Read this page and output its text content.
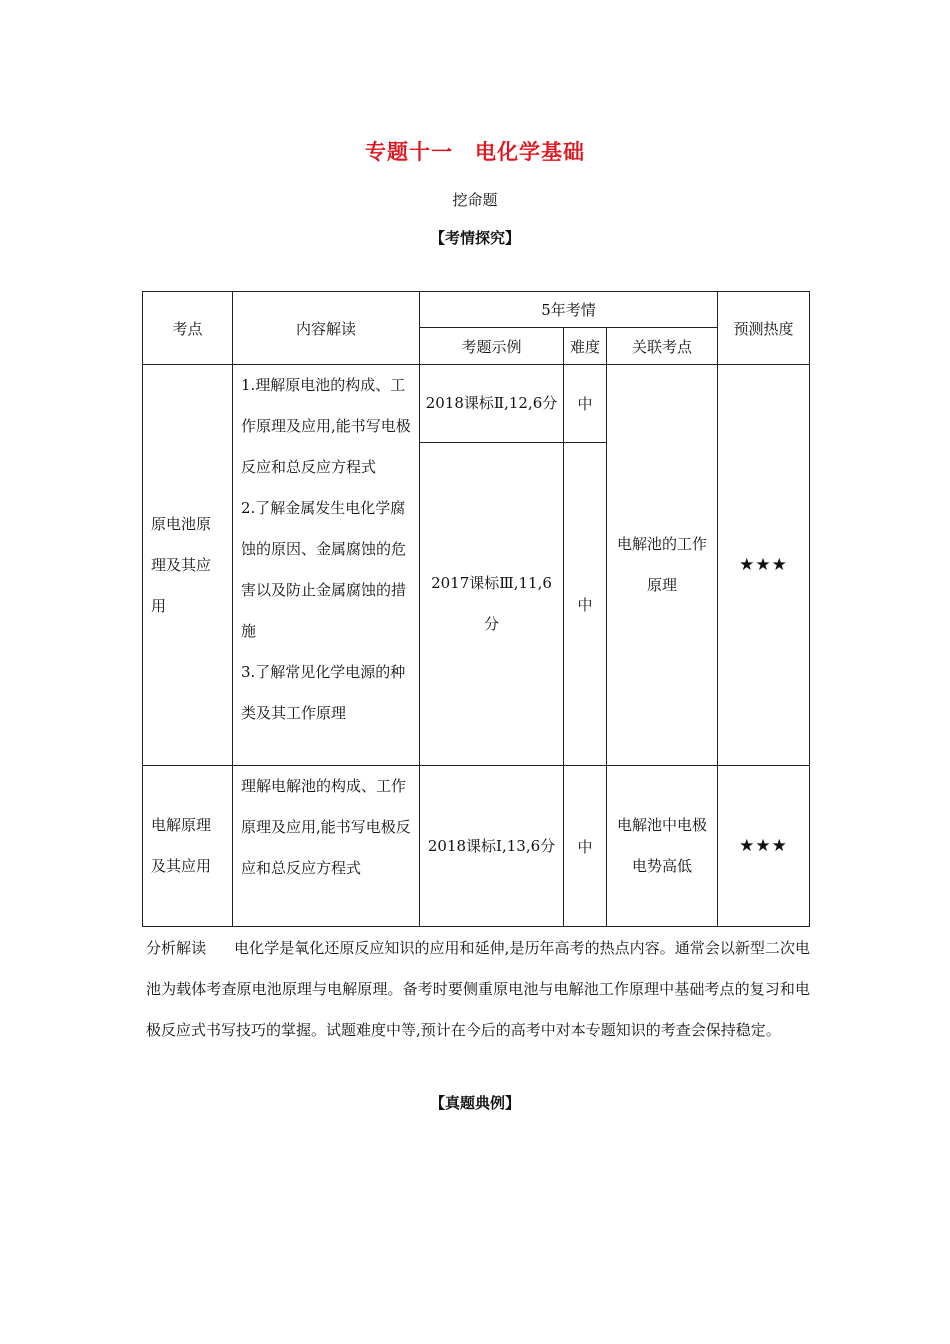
专题十一　电化学基础
挖命题
【考情探究】
考点	内容解读	5年考情			预测热度
		考题示例	难度	关联考点	
原电池原理及其应用	1.理解原电池的构成、工作原理及应用,能书写电极反应和总反应方程式
2.了解金属发生电化学腐蚀的原因、金属腐蚀的危害以及防止金属腐蚀的措施
3.了解常见化学电源的种类及其工作原理	2018课标Ⅱ,12,6分	中	电解池的工作原理	★★★
		2017课标Ⅲ,11,6分	中		
电解原理及其应用	理解电解池的构成、工作原理及应用,能书写电极反应和总反应方程式	2018课标Ⅰ,13,6分	中	电解池中电极电势高低	★★★
分析解读 电化学是氧化还原反应知识的应用和延伸,是历年高考的热点内容。通常会以新型二次电池为载体考查原电池原理与电解原理。备考时要侧重原电池与电解池工作原理中基础考点的复习和电极反应式书写技巧的掌握。试题难度中等,预计在今后的高考中对本专题知识的考查会保持稳定。
【真题典例】
